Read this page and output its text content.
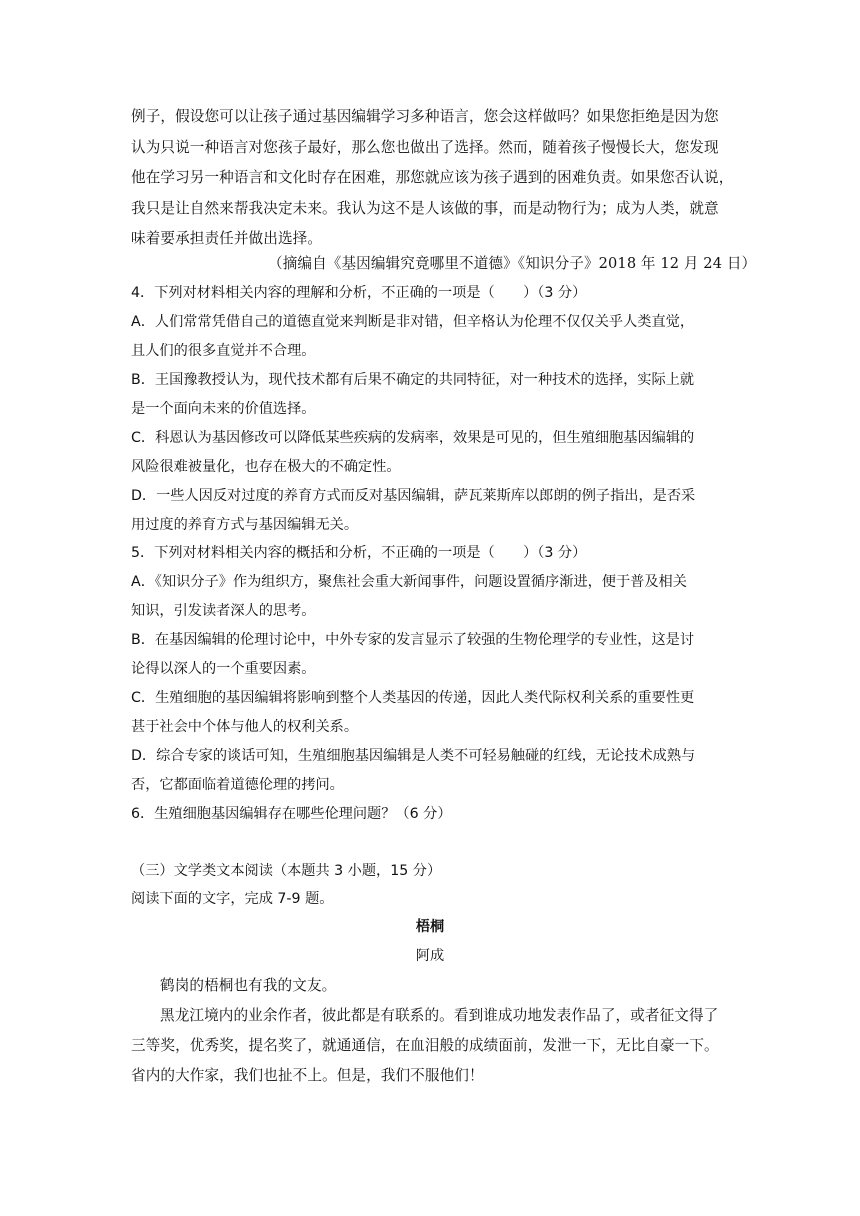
例子，假设您可以让孩子通过基因编辑学习多种语言，您会这样做吗？如果您拒绝是因为您
认为只说一种语言对您孩子最好，那么您也做出了选择。然而，随着孩子慢慢长大，您发现
他在学习另一种语言和文化时存在困难，那您就应该为孩子遇到的困难负责。如果您否认说，
我只是让自然来帮我决定未来。我认为这不是人该做的事，而是动物行为；成为人类，就意
味着要承担责任并做出选择。
（摘编自《基因编辑究竟哪里不道德》《知识分子》2018 年 12 月 24 日）
4．下列对材料相关内容的理解和分析，不正确的一项是（　　）（3 分）
A．人们常常凭借自己的道德直觉来判断是非对错，但辛格认为伦理不仅仅关乎人类直觉，
且人们的很多直觉并不合理。
B．王国豫教授认为，现代技术都有后果不确定的共同特征，对一种技术的选择，实际上就
是一个面向未来的价值选择。
C．科恩认为基因修改可以降低某些疾病的发病率，效果是可见的，但生殖细胞基因编辑的
风险很难被量化，也存在极大的不确定性。
D．一些人因反对过度的养育方式而反对基因编辑，萨瓦莱斯库以郎朗的例子指出，是否采
用过度的养育方式与基因编辑无关。
5．下列对材料相关内容的概括和分析，不正确的一项是（　　）（3 分）
A．《知识分子》作为组织方，聚焦社会重大新闻事件，问题设置循序渐进，便于普及相关
知识，引发读者深人的思考。
B．在基因编辑的伦理讨论中，中外专家的发言显示了较强的生物伦理学的专业性，这是讨
论得以深人的一个重要因素。
C．生殖细胞的基因编辑将影响到整个人类基因的传递，因此人类代际权利关系的重要性更
甚于社会中个体与他人的权利关系。
D．综合专家的谈话可知，生殖细胞基因编辑是人类不可轻易触碰的红线，无论技术成熟与
否，它都面临着道德伦理的拷问。
6．生殖细胞基因编辑存在哪些伦理问题？（6 分）
（三）文学类文本阅读（本题共 3 小题，15 分）
阅读下面的文字，完成 7-9 题。
梧桐
阿成
鹤岗的梧桐也有我的文友。
黑龙江境内的业余作者，彼此都是有联系的。看到谁成功地发表作品了，或者征文得了
三等奖，优秀奖，提名奖了，就通通信，在血泪般的成绩面前，发泄一下，无比自豪一下。
省内的大作家，我们也扯不上。但是，我们不服他们！
